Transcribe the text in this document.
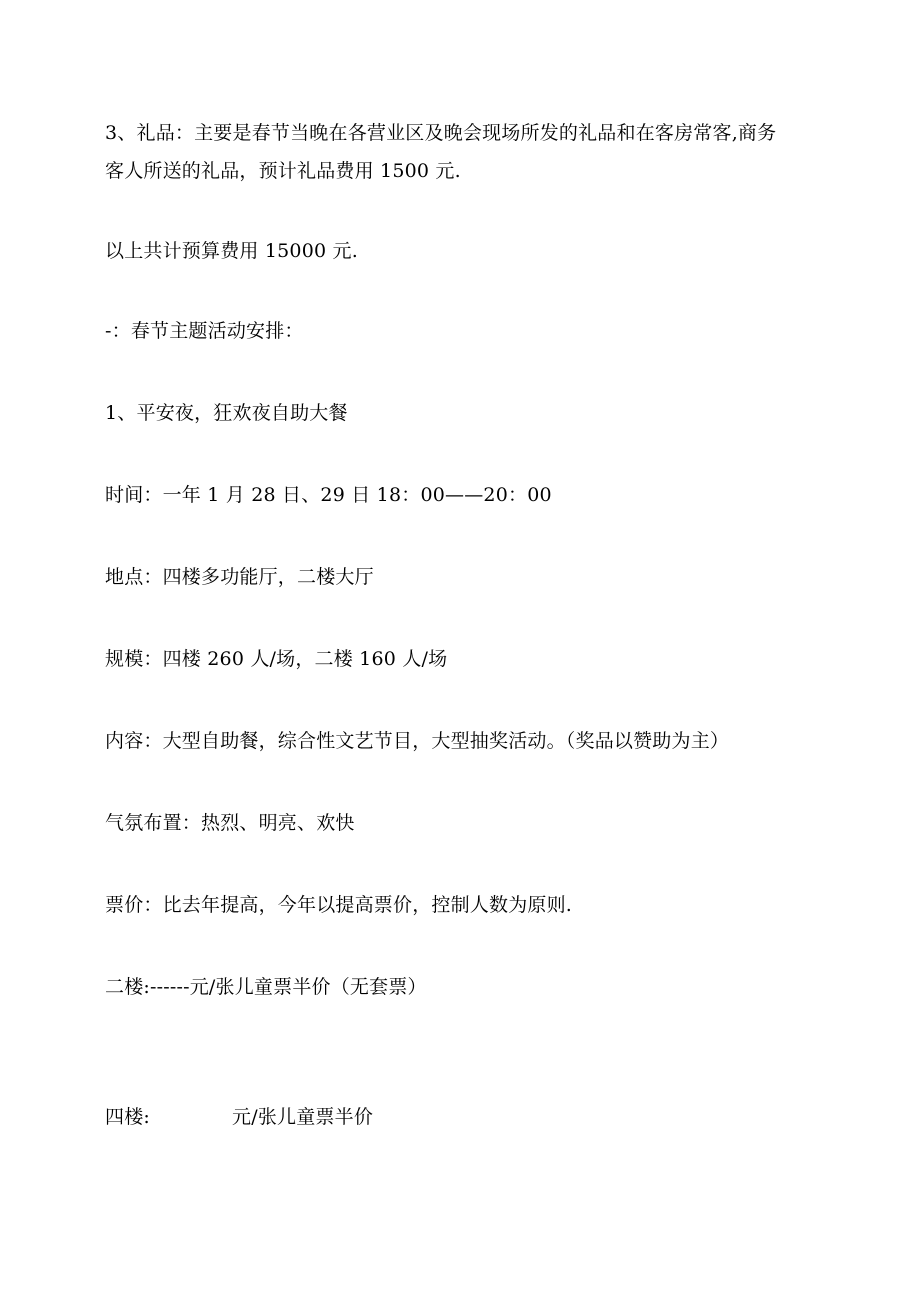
3、礼品：主要是春节当晚在各营业区及晚会现场所发的礼品和在客房常客,商务
客人所送的礼品，预计礼品费用 1500 元.
以上共计预算费用 15000 元.
-：春节主题活动安排：
1、平安夜，狂欢夜自助大餐
时间：一年 1 月 28 日、29 日 18：00——20：00
地点：四楼多功能厅，二楼大厅
规模：四楼 260 人/场，二楼 160 人/场
内容：大型自助餐，综合性文艺节目，大型抽奖活动。（奖品以赞助为主）
气氛布置：热烈、明亮、欢快
票价：比去年提高，今年以提高票价，控制人数为原则.
二楼:------元/张儿童票半价（无套票）
四楼:	元/张儿童票半价
